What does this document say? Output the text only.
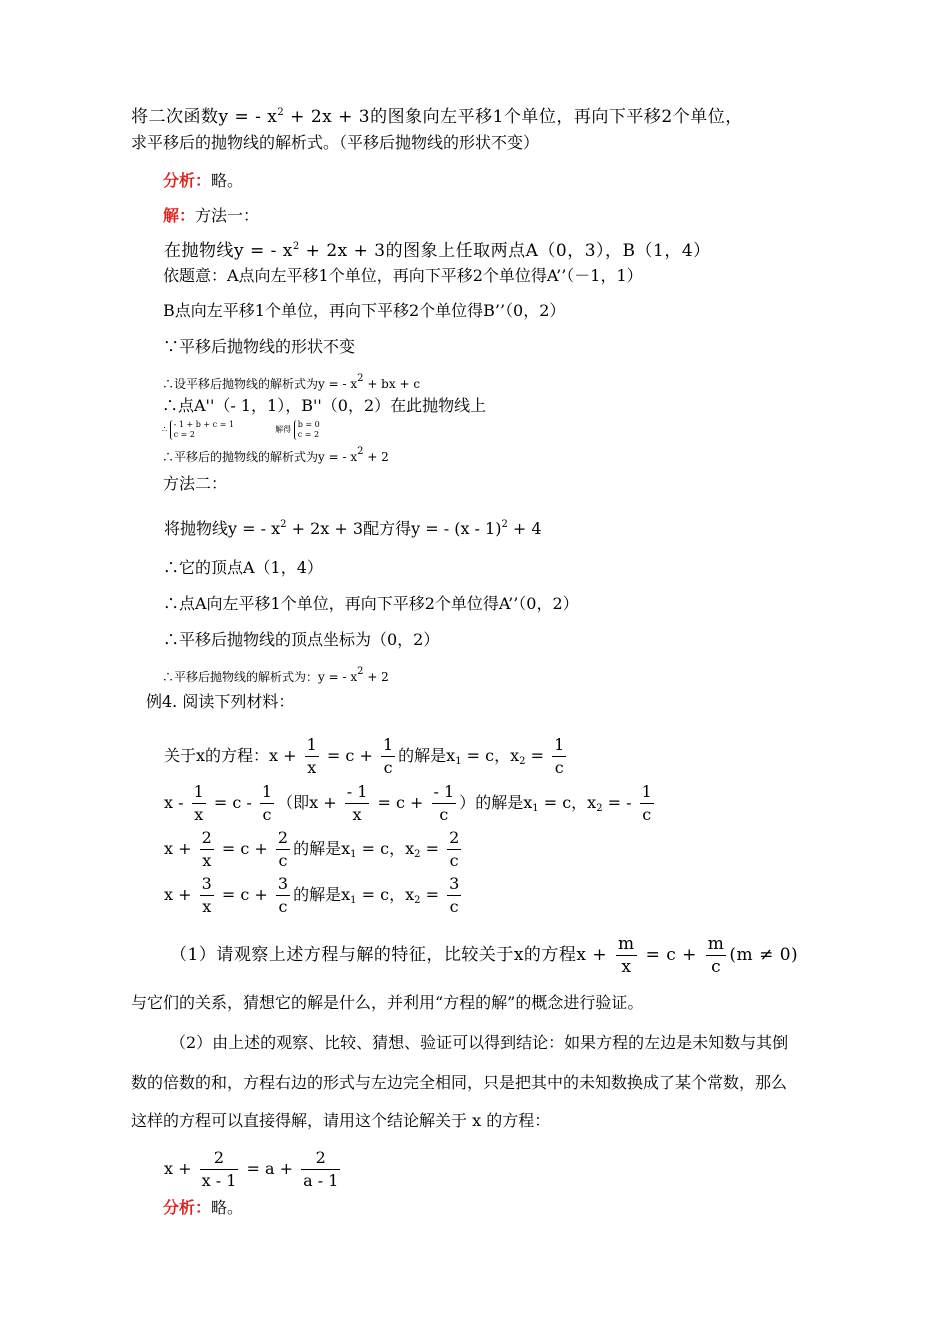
将二次函数y = - $x^2 + 2x + 3$的图象向左平移1个单位，再向下平移2个单位，
求平移后的抛物线的解析式。（平移后抛物线的形状不变）
分析：略。
解：方法一：
在抛物线y = - $x^2 + 2x + 3$的图象上任取两点A（0，3），B（1，4）
依题意：A点向左平移1个单位，再向下平移2个单位得A’’（－1，1）
B点向左平移1个单位，再向下平移2个单位得B’’（0，2）
∵平移后抛物线的形状不变
∴设平移后抛物线的解析式为y = - $x^2$ + bx + c
∴点A''（- 1，1），B''（0，2）在此抛物线上
∴
- 1 + b + c = 1
c = 2
解得
b = 0
c = 2
∴平移后的抛物线的解析式为y = - $x^2 + 2$
方法二：
将抛物线y = - $x^2 + 2x + 3$配方得y = - (x - 1)$^2$ + 4
∴它的顶点A（1，4）
∴点A向左平移1个单位，再向下平移2个单位得A’’（0，2）
∴平移后抛物线的顶点坐标为（0，2）
∴平移后抛物线的解析式为：y = - $x^2 + 2$
例4. 阅读下列材料：
关于x的方程：$x + \frac{1}{x} = c + \frac{1}{c}$ 的解是$x_1 = c$，$x_2 = \frac{1}{c}$
$x - \frac{1}{x} = c - \frac{1}{c}$ （即$x + \frac{- 1}{x} = c + \frac{- 1}{c}$ ）的解是$x_1 = c$，$x_2$ = - $\frac{1}{c}$
$x + \frac{2}{x} = c + \frac{2}{c}$ 的解是$x_1 = c$，$x_2 = \frac{2}{c}$
$x + \frac{3}{x} = c + \frac{3}{c}$ 的解是$x_1 = c$，$x_2 = \frac{3}{c}$
（1）请观察上述方程与解的特征，比较关于x的方程$x + \frac{m}{x} = c + \frac{m}{c} (m \ne 0)$
与它们的关系，猜想它的解是什么，并利用“方程的解”的概念进行验证。
（2）由上述的观察、比较、猜想、验证可以得到结论：如果方程的左边是未知数与其倒
数的倍数的和，方程右边的形式与左边完全相同，只是把其中的未知数换成了某个常数，那么
这样的方程可以直接得解，请用这个结论解关于 x 的方程：
$x + \frac{2}{x - 1} = a + \frac{2}{a - 1}$
分析：略。
